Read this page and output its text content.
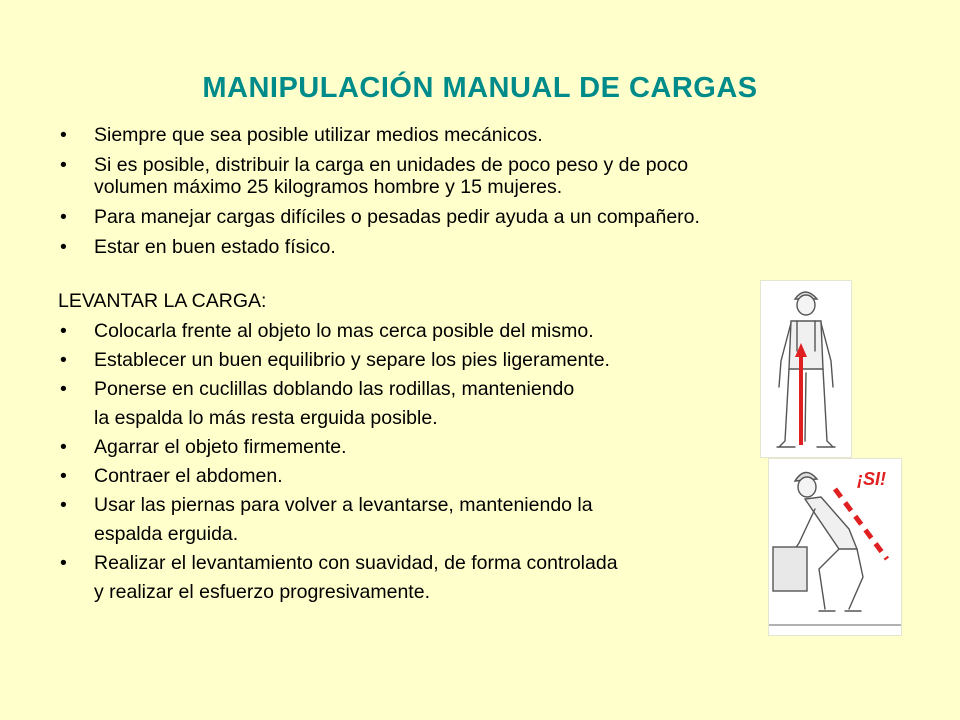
MANIPULACIÓN MANUAL DE CARGAS
• Siempre que sea posible utilizar medios mecánicos.
• Si es posible, distribuir la carga en unidades de poco peso y de poco
volumen máximo 25 kilogramos hombre y 15 mujeres.
• Para manejar cargas difíciles o pesadas pedir ayuda a un compañero.
• Estar en buen estado físico.
LEVANTAR LA CARGA:
• Colocarla frente al objeto lo mas cerca posible del mismo.
• Establecer un buen equilibrio y separe los pies ligeramente.
• Ponerse en cuclillas doblando las rodillas, manteniendo
la espalda lo más resta erguida posible.
• Agarrar el objeto firmemente.
• Contraer el abdomen.
• Usar las piernas para volver a levantarse, manteniendo la
espalda erguida.
• Realizar el levantamiento con suavidad, de forma controlada
y realizar el esfuerzo progresivamente.
¡SI!
